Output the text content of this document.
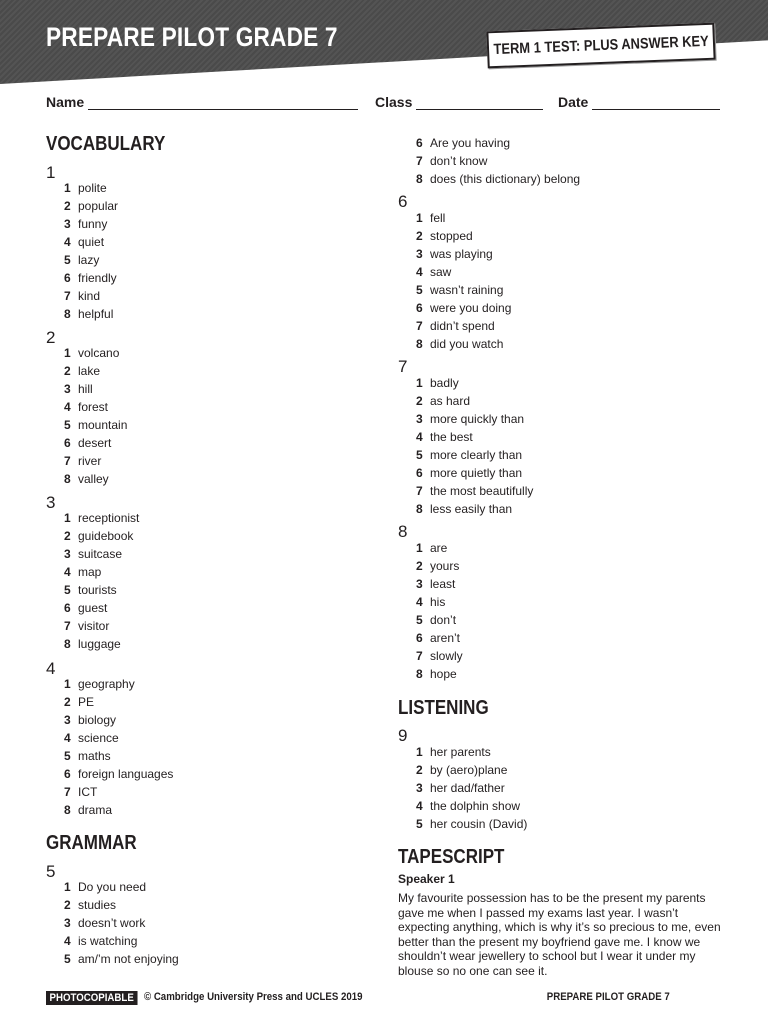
PREPARE PILOT GRADE 7	TERM 1 TEST: PLUS ANSWER KEY
Name	Class	Date
VOCABULARY
1
1 polite
2 popular
3 funny
4 quiet
5 lazy
6 friendly
7 kind
8 helpful
2
1 volcano
2 lake
3 hill
4 forest
5 mountain
6 desert
7 river
8 valley
3
1 receptionist
2 guidebook
3 suitcase
4 map
5 tourists
6 guest
7 visitor
8 luggage
4
1 geography
2 PE
3 biology
4 science
5 maths
6 foreign languages
7 ICT
8 drama
GRAMMAR
5
1 Do you need
2 studies
3 doesn’t work
4 is watching
5 am/’m not enjoying
6 Are you having
7 don’t know
8 does (this dictionary) belong
6
1 fell
2 stopped
3 was playing
4 saw
5 wasn’t raining
6 were you doing
7 didn’t spend
8 did you watch
7
1 badly
2 as hard
3 more quickly than
4 the best
5 more clearly than
6 more quietly than
7 the most beautifully
8 less easily than
8
1 are
2 yours
3 least
4 his
5 don’t
6 aren’t
7 slowly
8 hope
LISTENING
9
1 her parents
2 by (aero)plane
3 her dad/father
4 the dolphin show
5 her cousin (David)
TAPESCRIPT
Speaker 1

My favourite possession has to be the present my parents gave me when I passed my exams last year. I wasn’t expecting anything, which is why it’s so precious to me, even better than the present my boyfriend gave me. I know we shouldn’t wear jewellery to school but I wear it under my blouse so no one can see it.

PHOTOCOPIABLE © Cambridge University Press and UCLES 2019	PREPARE PILOT GRADE 7
